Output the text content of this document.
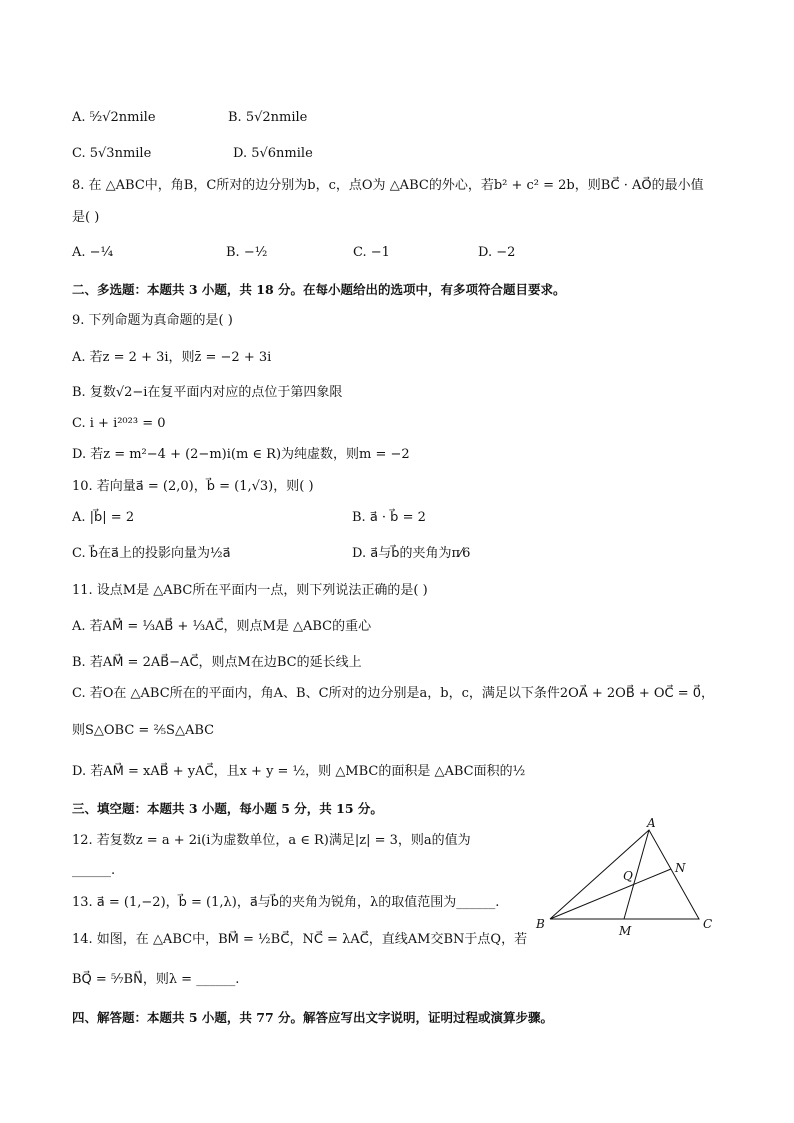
A. ⁵⁄₂√2nmile	B. 5√2nmile
C. 5√3nmile	D. 5√6nmile
8. 在 △ABC中，角B，C所对的边分别为b，c，点O为 △ABC的外心，若b² + c² = 2b，则BC⃗ · AO⃗的最小值
是( )
A. −¹⁄₄	B. −¹⁄₂	C. −1	D. −2
二、多选题：本题共 3 小题，共 18 分。在每小题给出的选项中，有多项符合题目要求。
9. 下列命题为真命题的是( )
A. 若z = 2 + 3i，则z̄ = −2 + 3i
B. 复数√2−i在复平面内对应的点位于第四象限
C. i + i²⁰²³ = 0
D. 若z = m²−4 + (2−m)i(m ∈ R)为纯虚数，则m = −2
10. 若向量a⃗ = (2,0)，b⃗ = (1,√3)，则( )
A. |b⃗| = 2	B. a⃗ · b⃗ = 2
C. b⃗在a⃗上的投影向量为½a⃗	D. a⃗与b⃗的夹角为π⁄6
11. 设点M是 △ABC所在平面内一点，则下列说法正确的是( )
A. 若AM⃗ = ⅓AB⃗ + ⅓AC⃗，则点M是 △ABC的重心
B. 若AM⃗ = 2AB⃗−AC⃗，则点M在边BC的延长线上
C. 若O在 △ABC所在的平面内，角A、B、C所对的边分别是a，b，c，满足以下条件2OA⃗ + 2OB⃗ + OC⃗ = 0⃗，
则S△OBC = ⅖S△ABC
D. 若AM⃗ = xAB⃗ + yAC⃗，且x + y = ½，则 △MBC的面积是 △ABC面积的½
三、填空题：本题共 3 小题，每小题 5 分，共 15 分。
12. 若复数z = a + 2i(i为虚数单位，a ∈ R)满足|z| = 3，则a的值为
______.
13. a⃗ = (1,−2)，b⃗ = (1,λ)，a⃗与b⃗的夹角为锐角，λ的取值范围为______.
14. 如图，在 △ABC中，BM⃗ = ½BC⃗，NC⃗ = λAC⃗，直线AM交BN于点Q，若
BQ⃗ = ⁵⁄₇BN⃗，则λ = ______.
四、解答题：本题共 5 小题，共 77 分。解答应写出文字说明，证明过程或演算步骤。
A
B	C
M
N
Q
